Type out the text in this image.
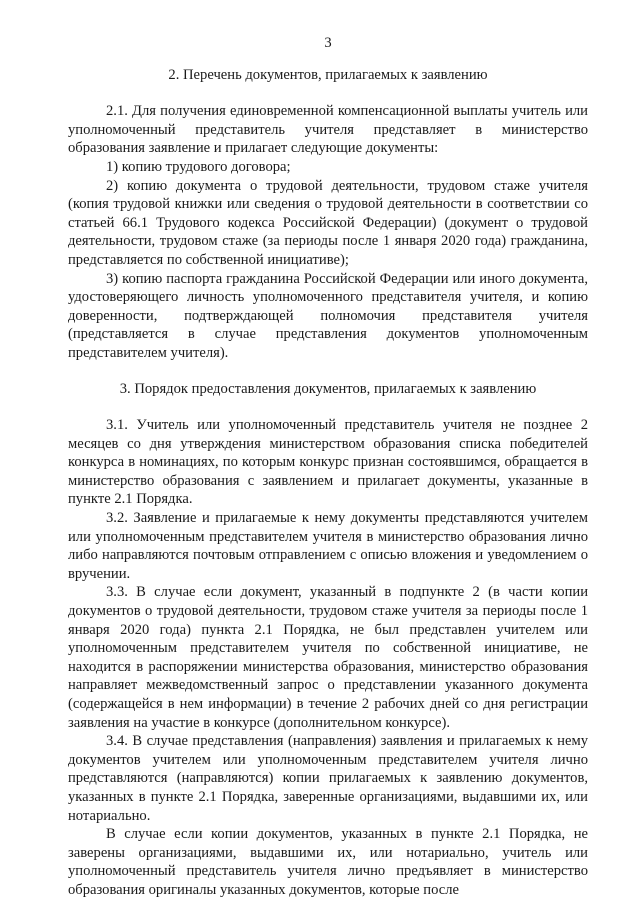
3
2. Перечень документов, прилагаемых к заявлению

2.1. Для получения единовременной компенсационной выплаты учитель или уполномоченный представитель учителя представляет в министерство образования заявление и прилагает следующие документы:

1) копию трудового договора;

2) копию документа о трудовой деятельности, трудовом стаже учителя (копия трудовой книжки или сведения о трудовой деятельности в соответствии со статьей 66.1 Трудового кодекса Российской Федерации) (документ о трудовой деятельности, трудовом стаже (за периоды после 1 января 2020 года) гражданина, представляется по собственной инициативе);

3) копию паспорта гражданина Российской Федерации или иного документа, удостоверяющего личность уполномоченного представителя учителя, и копию доверенности, подтверждающей полномочия представителя учителя (представляется в случае представления документов уполномоченным представителем учителя).

3. Порядок предоставления документов, прилагаемых к заявлению

3.1. Учитель или уполномоченный представитель учителя не позднее 2 месяцев со дня утверждения министерством образования списка победителей конкурса в номинациях, по которым конкурс признан состоявшимся, обращается в министерство образования с заявлением и прилагает документы, указанные в пункте 2.1 Порядка.

3.2. Заявление и прилагаемые к нему документы представляются учителем или уполномоченным представителем учителя в министерство образования лично либо направляются почтовым отправлением с описью вложения и уведомлением о вручении.

3.3. В случае если документ, указанный в подпункте 2 (в части копии документов о трудовой деятельности, трудовом стаже учителя за периоды после 1 января 2020 года) пункта 2.1 Порядка, не был представлен учителем или уполномоченным представителем учителя по собственной инициативе, не находится в распоряжении министерства образования, министерство образования направляет межведомственный запрос о представлении указанного документа (содержащейся в нем информации) в течение 2 рабочих дней со дня регистрации заявления на участие в конкурсе (дополнительном конкурсе).

3.4. В случае представления (направления) заявления и прилагаемых к нему документов учителем или уполномоченным представителем учителя лично представляются (направляются) копии прилагаемых к заявлению документов, указанных в пункте 2.1 Порядка, заверенные организациями, выдавшими их, или нотариально.

В случае если копии документов, указанных в пункте 2.1 Порядка, не заверены организациями, выдавшими их, или нотариально, учитель или уполномоченный представитель учителя лично предъявляет в министерство образования оригиналы указанных документов, которые после
